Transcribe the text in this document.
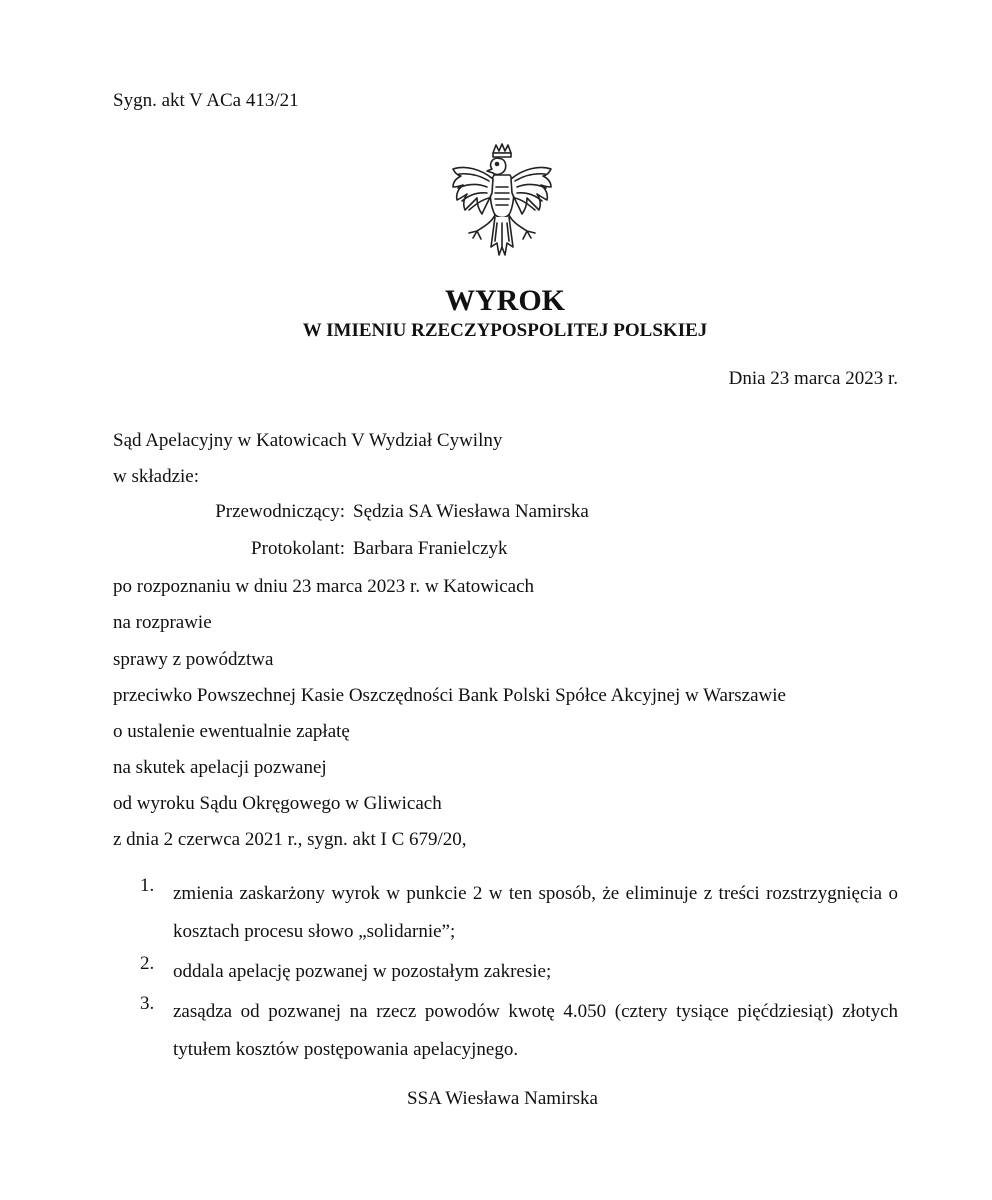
Sygn. akt V ACa 413/21
WYROK
W IMIENIU RZECZYPOSPOLITEJ POLSKIEJ
Dnia 23 marca 2023 r.
Sąd Apelacyjny w Katowicach V Wydział Cywilny
w składzie:
Przewodniczący: Sędzia SA Wiesława Namirska
Protokolant: Barbara Franielczyk
po rozpoznaniu w dniu 23 marca 2023 r. w Katowicach
na rozprawie
sprawy z powództwa
przeciwko Powszechnej Kasie Oszczędności Bank Polski Spółce Akcyjnej w Warszawie
o ustalenie ewentualnie zapłatę
na skutek apelacji pozwanej
od wyroku Sądu Okręgowego w Gliwicach
z dnia 2 czerwca 2021 r., sygn. akt I C 679/20,
1. zmienia zaskarżony wyrok w punkcie 2 w ten sposób, że eliminuje z treści rozstrzygnięcia o kosztach procesu słowo „solidarnie”;
2. oddala apelację pozwanej w pozostałym zakresie;
3. zasądza od pozwanej na rzecz powodów kwotę 4.050 (cztery tysiące pięćdziesiąt) złotych tytułem kosztów postępowania apelacyjnego.
SSA Wiesława Namirska
